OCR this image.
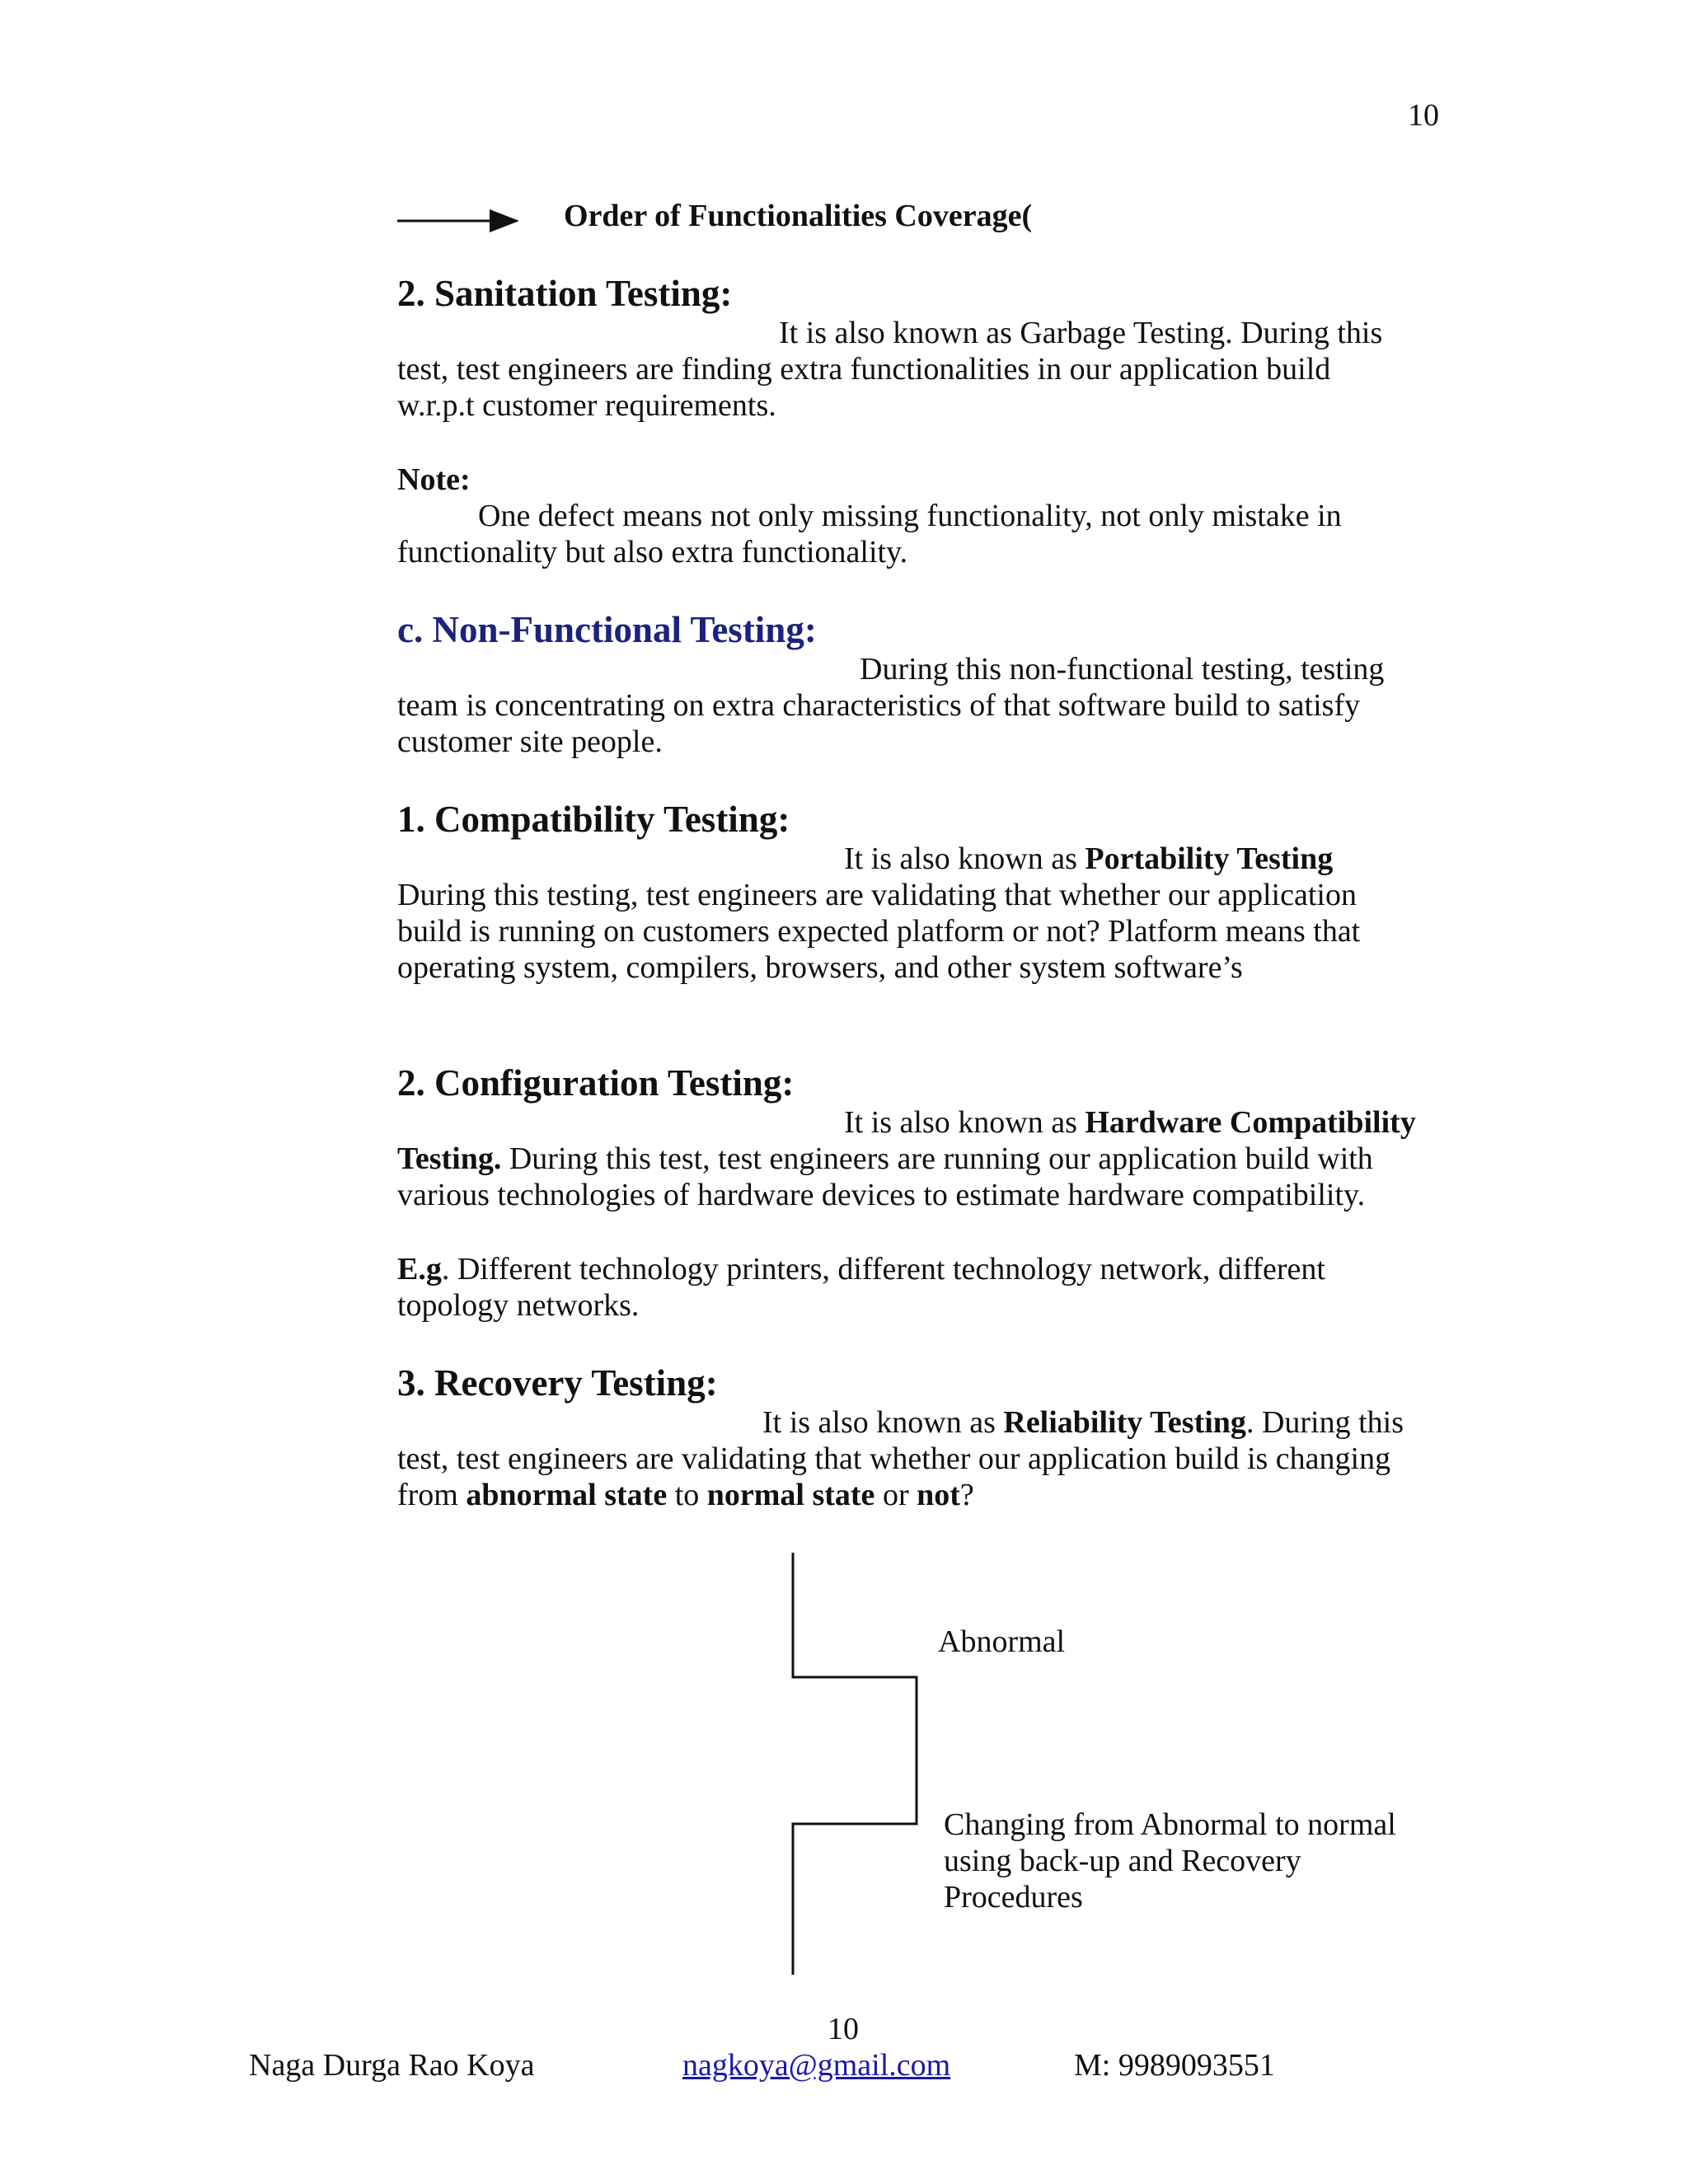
10
Order of Functionalities Coverage(
2. Sanitation Testing:
It is also known as Garbage Testing. During this
test, test engineers are finding extra functionalities in our application build
w.r.p.t customer requirements.
Note:
One defect means not only missing functionality, not only mistake in
functionality but also extra functionality.
c. Non-Functional Testing:
During this non-functional testing, testing
team is concentrating on extra characteristics of that software build to satisfy
customer site people.
1. Compatibility Testing:
It is also known as Portability Testing
During this testing, test engineers are validating that whether our application
build is running on customers expected platform or not? Platform means that
operating system, compilers, browsers, and other system software’s
2. Configuration Testing:
It is also known as Hardware Compatibility
Testing. During this test, test engineers are running our application build with
various technologies of hardware devices to estimate hardware compatibility.
E.g. Different technology printers, different technology network, different
topology networks.
3. Recovery Testing:
It is also known as Reliability Testing. During this
test, test engineers are validating that whether our application build is changing
from abnormal state to normal state or not?
Abnormal
Changing from Abnormal to normal
using back-up and Recovery
Procedures
10
Naga Durga Rao Koya	nagkoya@gmail.com	M: 9989093551
